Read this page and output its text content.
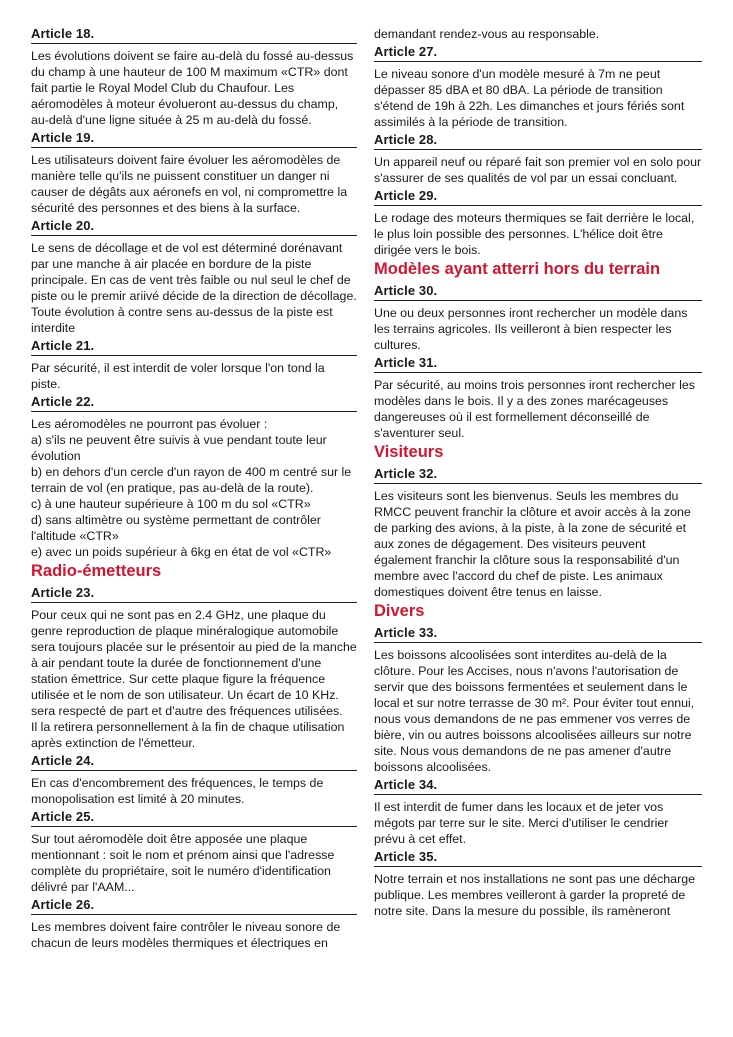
Article 18.

Les évolutions doivent se faire au-delà du fossé au-dessus du champ à une hauteur de 100 M maximum «CTR» dont fait partie le Royal Model Club du Chaufour. Les aéromodèles à moteur évolueront au-dessus du champ, au-delà d'une ligne située à 25 m au-delà du fossé.

Article 19.

Les utilisateurs doivent faire évoluer les aéromodèles de manière telle qu'ils ne puissent constituer un danger ni causer de dégâts aux aéronefs en vol, ni compromettre la sécurité des personnes et des biens à la surface.

Article 20.

Le sens de décollage et de vol est déterminé dorénavant par une manche à air placée en bordure de la piste principale. En cas de vent très faible ou nul seul le chef de piste ou le premir ariivé décide de la direction de décollage. Toute évolution à contre sens au-dessus de la piste est interdite

Article 21.

Par sécurité, il est interdit de voler lorsque l'on tond la piste.

Article 22.

Les aéromodèles ne pourront pas évoluer :

a) s'ils ne peuvent être suivis à vue pendant toute leur évolution

b) en dehors d'un cercle d'un rayon de 400 m centré sur le terrain de vol (en pratique, pas au-delà de la route).

c) à une hauteur supérieure à 100 m du sol «CTR»

d) sans altimètre ou système permettant de contrôler l'altitude «CTR»

e) avec un poids supérieur à 6kg en état de vol «CTR»

Radio-émetteurs
Article 23.

Pour ceux qui ne sont pas en 2.4 GHz, une plaque du genre reproduction de plaque minéralogique automobile sera toujours placée sur le présentoir au pied de la manche à air pendant toute la durée de fonctionnement d'une station émettrice. Sur cette plaque figure la fréquence utilisée et le nom de son utilisateur. Un écart de 10 KHz. sera respecté de part et d'autre des fréquences utilisées.

Il la retirera personnellement à la fin de chaque utilisation après extinction de l'émetteur.

Article 24.

En cas d'encombrement des fréquences, le temps de monopolisation est limité à 20 minutes.

Article 25.

Sur tout aéromodèle doit être apposée une plaque mentionnant : soit le nom et prénom ainsi que l'adresse complète du propriétaire, soit le numéro d'identification délivré par l'AAM...

Article 26.

Les membres doivent faire contrôler le niveau sonore de chacun de leurs modèles thermiques et électriques en

demandant rendez-vous au responsable.

Article 27.

Le niveau sonore d'un modèle mesuré à 7m ne peut dépasser 85 dBA et 80 dBA. La période de transition s'étend de 19h à 22h. Les dimanches et jours fériés sont assimilés à la période de transition.

Article 28.

Un appareil neuf ou réparé fait son premier vol en solo pour s'assurer de ses qualités de vol par un essai concluant.

Article 29.

Le rodage des moteurs thermiques se fait derrière le local, le plus loin possible des personnes. L'hélice doit être dirigée vers le bois.

Modèles ayant atterri hors du terrain
Article 30.

Une ou deux personnes iront rechercher un modèle dans les terrains agricoles. Ils veilleront à bien respecter les cultures.

Article 31.

Par sécurité, au moins trois personnes iront rechercher les modèles dans le bois. Il y a des zones marécageuses dangereuses où il est formellement déconseillé de s'aventurer seul.

Visiteurs
Article 32.

Les visiteurs sont les bienvenus. Seuls les membres du RMCC peuvent franchir la clôture et avoir accès à la zone de parking des avions, à la piste, à la zone de sécurité et aux zones de dégagement. Des visiteurs peuvent également franchir la clôture sous la responsabilité d'un membre avec l'accord du chef de piste. Les animaux domestiques doivent être tenus en laisse.

Divers
Article 33.

Les boissons alcoolisées sont interdites au-delà de la clôture. Pour les Accises, nous n'avons l'autorisation de servir que des boissons fermentées et seulement dans le local et sur notre terrasse de 30 m². Pour éviter tout ennui, nous vous demandons de ne pas emmener vos verres de bière, vin ou autres boissons alcoolisées ailleurs sur notre site. Nous vous demandons de ne pas amener d'autre boissons alcoolisées.

Article 34.

Il est interdit de fumer dans les locaux et de jeter vos mégots par terre sur le site. Merci d'utiliser le cendrier prévu à cet effet.

Article 35.

Notre terrain et nos installations ne sont pas une décharge publique. Les membres veilleront à garder la propreté de notre site. Dans la mesure du possible, ils ramèneront
